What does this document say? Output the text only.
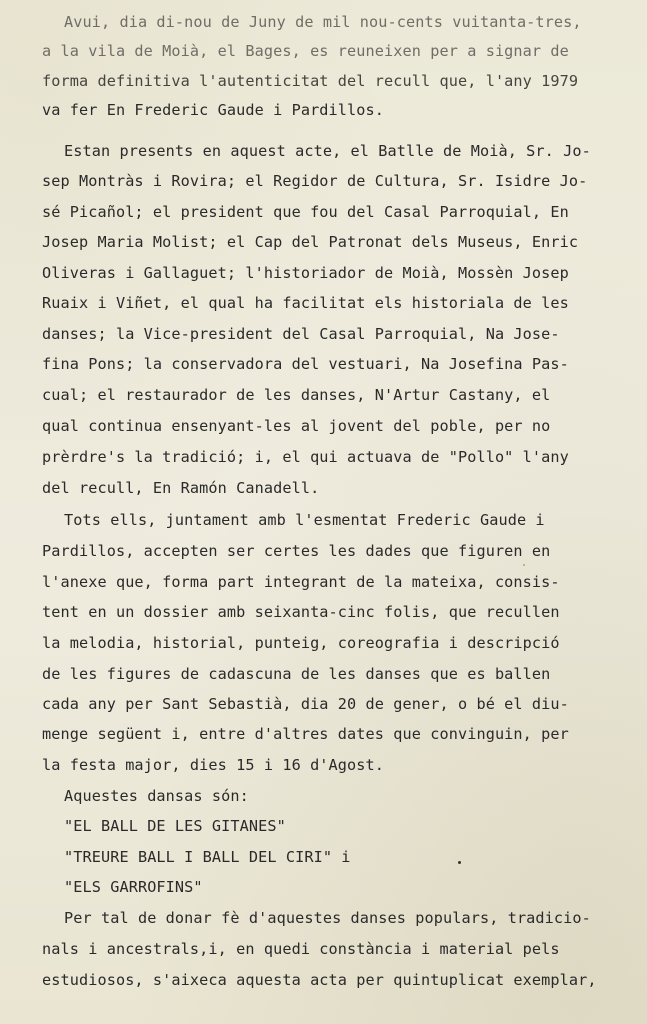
Avui, dia di-nou de Juny de mil nou-cents vuitanta-tres,
a la vila de Moià, el Bages, es reuneixen per a signar de
forma definitiva l'autenticitat del recull que, l'any 1979
va fer En Frederic Gaude i Pardillos.
Estan presents en aquest acte, el Batlle de Moià, Sr. Jo-
sep Montràs i Rovira; el Regidor de Cultura, Sr. Isidre Jo-
sé Picañol; el president que fou del Casal Parroquial, En
Josep Maria Molist; el Cap del Patronat dels Museus, Enric
Oliveras i Gallaguet; l'historiador de Moià, Mossèn Josep
Ruaix i Viñet, el qual ha facilitat els historiala de les
danses; la Vice-president del Casal Parroquial, Na Jose-
fina Pons; la conservadora del vestuari, Na Josefina Pas-
cual; el restaurador de les danses, N'Artur Castany, el
qual continua ensenyant-les al jovent del poble, per no
prèrdre's la tradició; i, el qui actuava de "Pollo" l'any
del recull, En Ramón Canadell.
Tots ells, juntament amb l'esmentat Frederic Gaude i
Pardillos, accepten ser certes les dades que figuren en
l'anexe que, forma part integrant de la mateixa, consis-
tent en un dossier amb seixanta-cinc folis, que recullen
la melodia, historial, punteig, coreografia i descripció
de les figures de cadascuna de les danses que es ballen
cada any per Sant Sebastià, dia 20 de gener, o bé el diu-
menge següent i, entre d'altres dates que convinguin, per
la festa major, dies 15 i 16 d'Agost.
Aquestes dansas són:
"EL BALL DE LES GITANES"
"TREURE BALL I BALL DEL CIRI" i
"ELS GARROFINS"
Per tal de donar fè d'aquestes danses populars, tradicio-
nals i ancestrals,i, en quedi constància i material pels
estudiosos, s'aixeca aquesta acta per quintuplicat exemplar,
